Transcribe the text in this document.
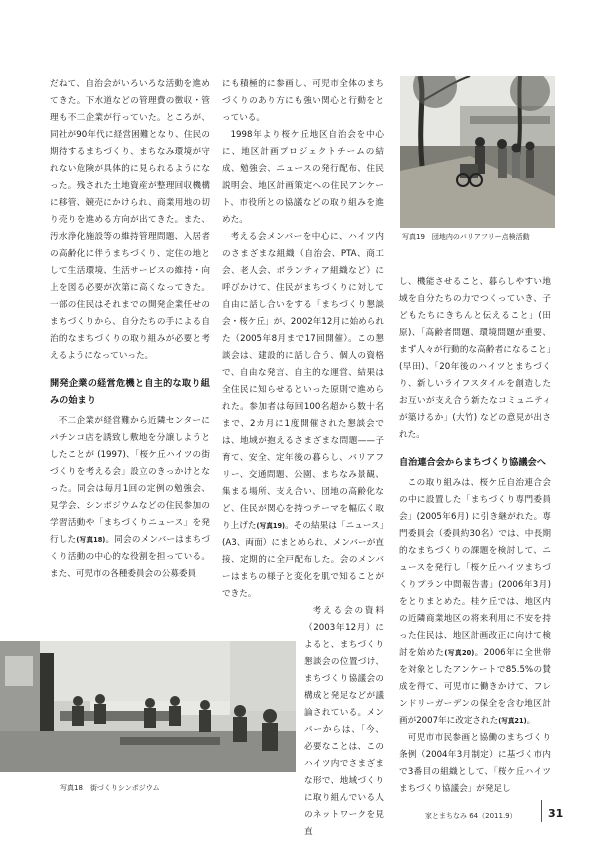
だねて、自治会がいろいろな活動を進めてきた。下水道などの管理費の徴収・管理も不二企業が行っていた。ところが、同社が90年代に経営困難となり、住民の期待するまちづくり、まちなみ環境が守れない危険が具体的に見られるようになった。残された土地資産が整理回収機構に移管、競売にかけられ、商業用地の切り売りを進める方向が出てきた。また、汚水浄化施設等の維持管理問題、入居者の高齢化に伴うまちづくり、定住の地として生活環境、生活サービスの維持・向上を図る必要が次第に高くなってきた。一部の住民はそれまでの開発企業任せのまちづくりから、自分たちの手による自治的なまちづくりの取り組みが必要と考えるようになっていった。

開発企業の経営危機と自主的な取り組みの始まり

不二企業が経営難から近隣センターにパチンコ店を誘致し敷地を分譲しようとしたことが (1997)、「桜ケ丘ハイツの街づくりを考える会」設立のきっかけとなった。同会は毎月1回の定例の勉強会、見学会、シンポジウムなどの住民参加の学習活動や「まちづくりニュース」を発行した(写真18)。同会のメンバーはまちづくり活動の中心的な役割を担っている。また、可児市の各種委員会の公募委員

にも積極的に参画し、可児市全体のまちづくりのあり方にも強い関心と行動をとっている。

1998年より桜ケ丘地区自治会を中心に、地区計画プロジェクトチームの結成、勉強会、ニュースの発行配布、住民説明会、地区計画策定への住民アンケート、市役所との協議などの取り組みを進めた。

考える会メンバーを中心に、ハイツ内のさまざまな組織（自治会、PTA、商工会、老人会、ボランティア組織など）に呼びかけて、住民がまちづくりに対して自由に話し合いをする「まちづくり懇談会・桜ケ丘」が、2002年12月に始められた（2005年8月まで17回開催）。この懇談会は、建設的に話し合う、個人の資格で、自由な発言、自主的な運営、結果は全住民に知らせるといった原則で進められた。参加者は毎回100名超から数十名まで、2カ月に1度開催された懇談会では、地域が抱えるさまざまな問題——子育て、安全、定年後の暮らし、バリアフリー、交通問題、公園、まちなみ景観、集まる場所、支え合い、団地の高齢化など、住民が関心を持つテーマを幅広く取り上げた(写真19)。その結果は「ニュース」(A3、両面）にまとめられ、メンバーが直接、定期的に全戸配布した。会のメンバーはまちの様子と変化を肌で知ることができた。

考える会の資料（2003年12月）によると、まちづくり懇談会の位置づけ、まちづくり協議会の構成と発足などが議論されている。メンバーからは、「今、必要なことは、このハイツ内でさまざまな形で、地域づくりに取り組んでいる人のネットワークを見直

し、機能させること、暮らしやすい地域を自分たちの力でつくっていき、子どもたちにきちんと伝えること」(田原)、「高齢者問題、環境問題が重要、まず人々が行動的な高齢者になること」(早田)、「20年後のハイツとまちづくり、新しいライフスタイルを創造したお互いが支え合う新たなコミュニティが築けるか」(大竹) などの意見が出された。

自治連合会からまちづくり協議会へ

この取り組みは、桜ケ丘自治連合会の中に設置した「まちづくり専門委員会」(2005年6月) に引き継がれた。専門委員会（委員約30名）では、中長期的なまちづくりの課題を検討して、ニュースを発行し「桜ケ丘ハイツまちづくりプラン中間報告書」(2006年3月) をとりまとめた。桂ケ丘では、地区内の近隣商業地区の将来利用に不安を持った住民は、地区計画改正に向けて検討を始めた(写真20)。2006年に全世帯を対象としたアンケートで85.5%の賛成を得て、可児市に働きかけて、フレンドリーガーデンの保全を含む地区計画が2007年に改定された(写真21)。

可児市市民参画と協働のまちづくり条例（2004年3月制定）に基づく市内で3番目の組織として、「桜ケ丘ハイツまちづくり協議会」が発足し

写真19　団地内のバリアフリー点検活動
写真18　街づくりシンポジウム
家とまちなみ 64（2011.9）	31
